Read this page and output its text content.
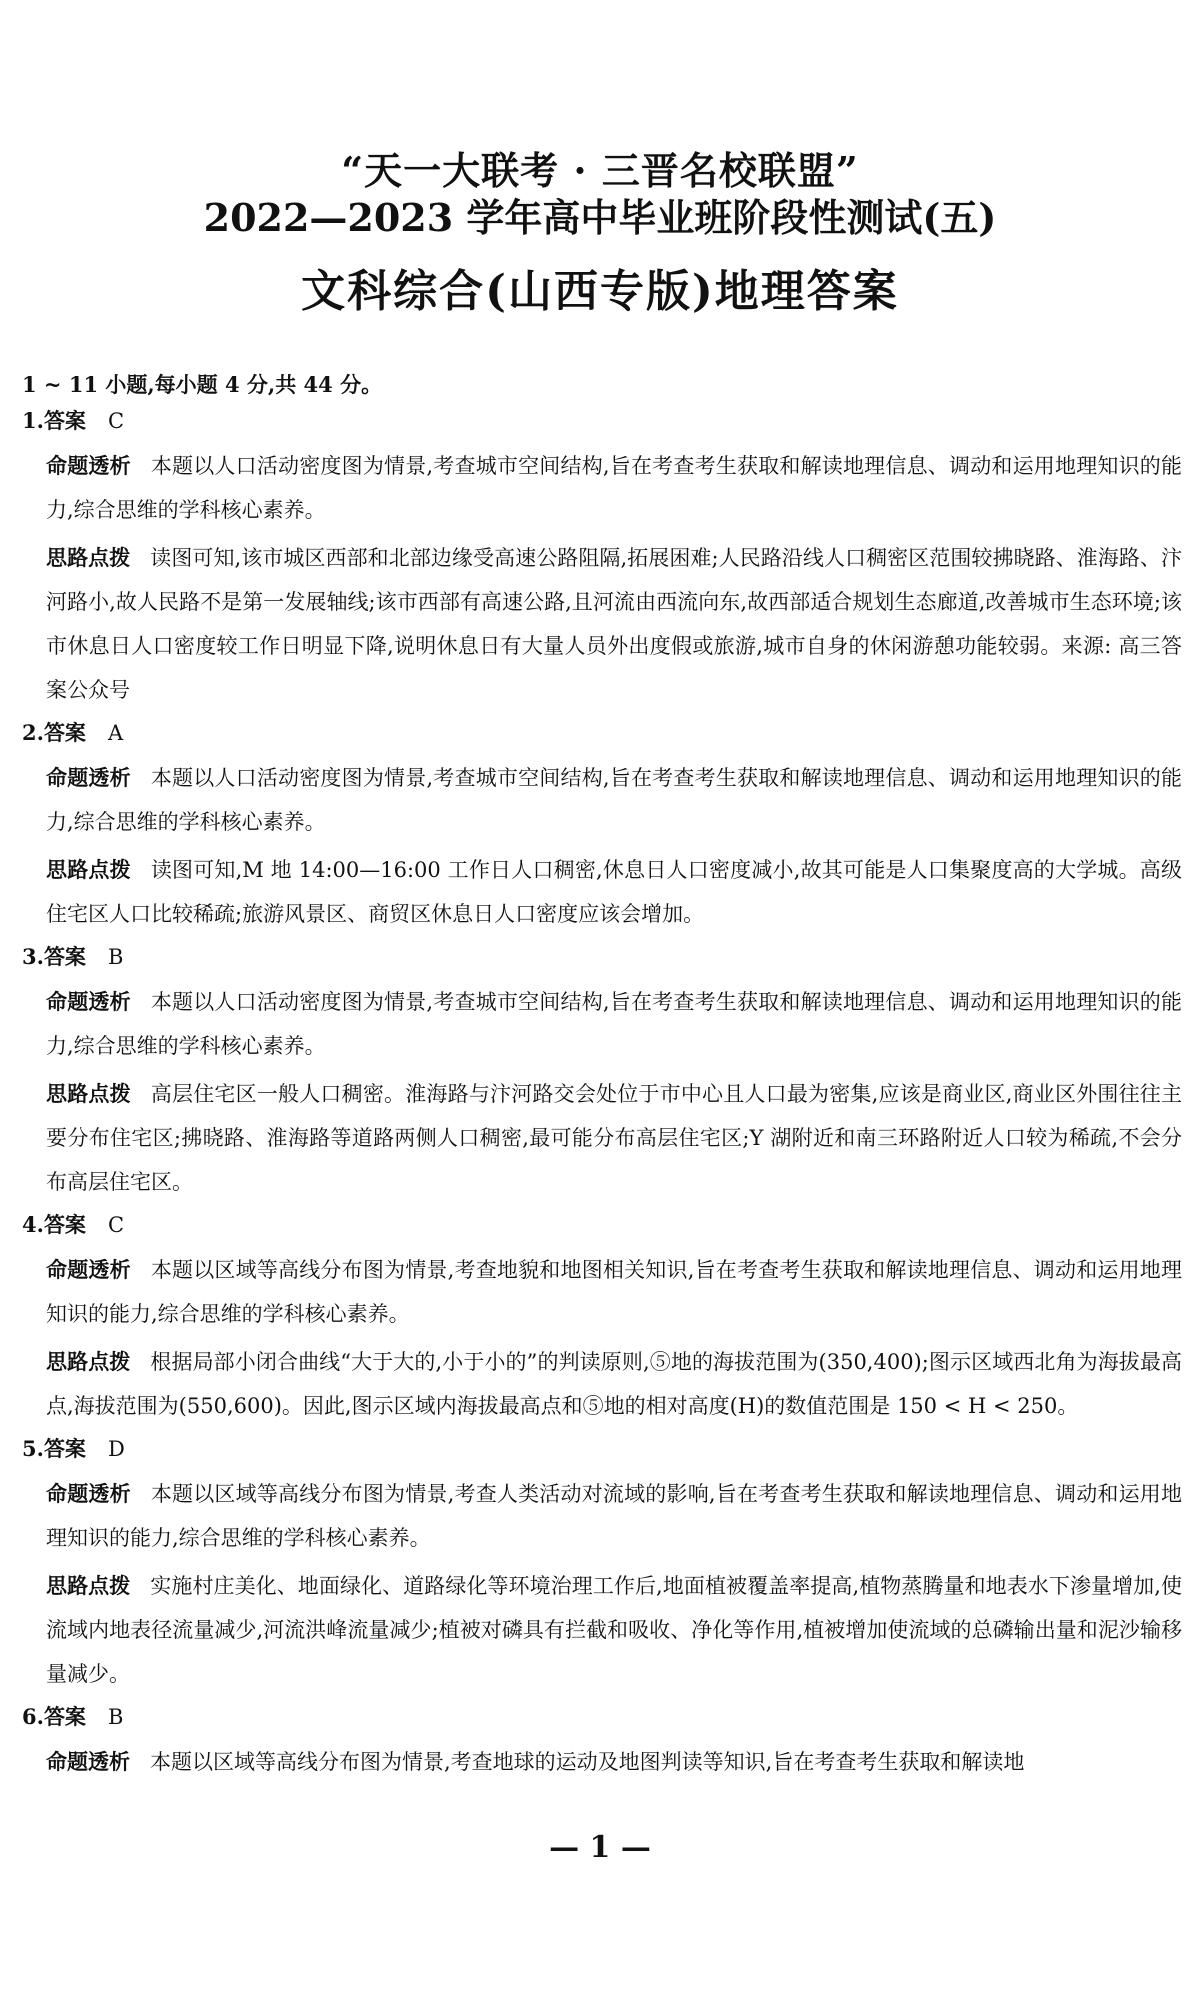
“天一大联考 · 三晋名校联盟”

2022—2023 学年高中毕业班阶段性测试(五)

文科综合(山西专版)地理答案

1 ~ 11 小题,每小题 4 分,共 44 分。

1.答案 C

命题透析 本题以人口活动密度图为情景,考查城市空间结构,旨在考查考生获取和解读地理信息、调动和运用地理知识的能力,综合思维的学科核心素养。

思路点拨 读图可知,该市城区西部和北部边缘受高速公路阻隔,拓展困难;人民路沿线人口稠密区范围较拂晓路、淮海路、汴河路小,故人民路不是第一发展轴线;该市西部有高速公路,且河流由西流向东,故西部适合规划生态廊道,改善城市生态环境;该市休息日人口密度较工作日明显下降,说明休息日有大量人员外出度假或旅游,城市自身的休闲游憩功能较弱。来源: 高三答案公众号

2.答案 A

命题透析 本题以人口活动密度图为情景,考查城市空间结构,旨在考查考生获取和解读地理信息、调动和运用地理知识的能力,综合思维的学科核心素养。

思路点拨 读图可知,M 地 14:00—16:00 工作日人口稠密,休息日人口密度减小,故其可能是人口集聚度高的大学城。高级住宅区人口比较稀疏;旅游风景区、商贸区休息日人口密度应该会增加。

3.答案 B

命题透析 本题以人口活动密度图为情景,考查城市空间结构,旨在考查考生获取和解读地理信息、调动和运用地理知识的能力,综合思维的学科核心素养。

思路点拨 高层住宅区一般人口稠密。淮海路与汴河路交会处位于市中心且人口最为密集,应该是商业区,商业区外围往往主要分布住宅区;拂晓路、淮海路等道路两侧人口稠密,最可能分布高层住宅区;Y 湖附近和南三环路附近人口较为稀疏,不会分布高层住宅区。

4.答案 C

命题透析 本题以区域等高线分布图为情景,考查地貌和地图相关知识,旨在考查考生获取和解读地理信息、调动和运用地理知识的能力,综合思维的学科核心素养。

思路点拨 根据局部小闭合曲线“大于大的,小于小的”的判读原则,⑤地的海拔范围为(350,400);图示区域西北角为海拔最高点,海拔范围为(550,600)。因此,图示区域内海拔最高点和⑤地的相对高度(H)的数值范围是 150 < H < 250。

5.答案 D

命题透析 本题以区域等高线分布图为情景,考查人类活动对流域的影响,旨在考查考生获取和解读地理信息、调动和运用地理知识的能力,综合思维的学科核心素养。

思路点拨 实施村庄美化、地面绿化、道路绿化等环境治理工作后,地面植被覆盖率提高,植物蒸腾量和地表水下渗量增加,使流域内地表径流量减少,河流洪峰流量减少;植被对磷具有拦截和吸收、净化等作用,植被增加使流域的总磷输出量和泥沙输移量减少。

6.答案 B

命题透析 本题以区域等高线分布图为情景,考查地球的运动及地图判读等知识,旨在考查考生获取和解读地

— 1 —
